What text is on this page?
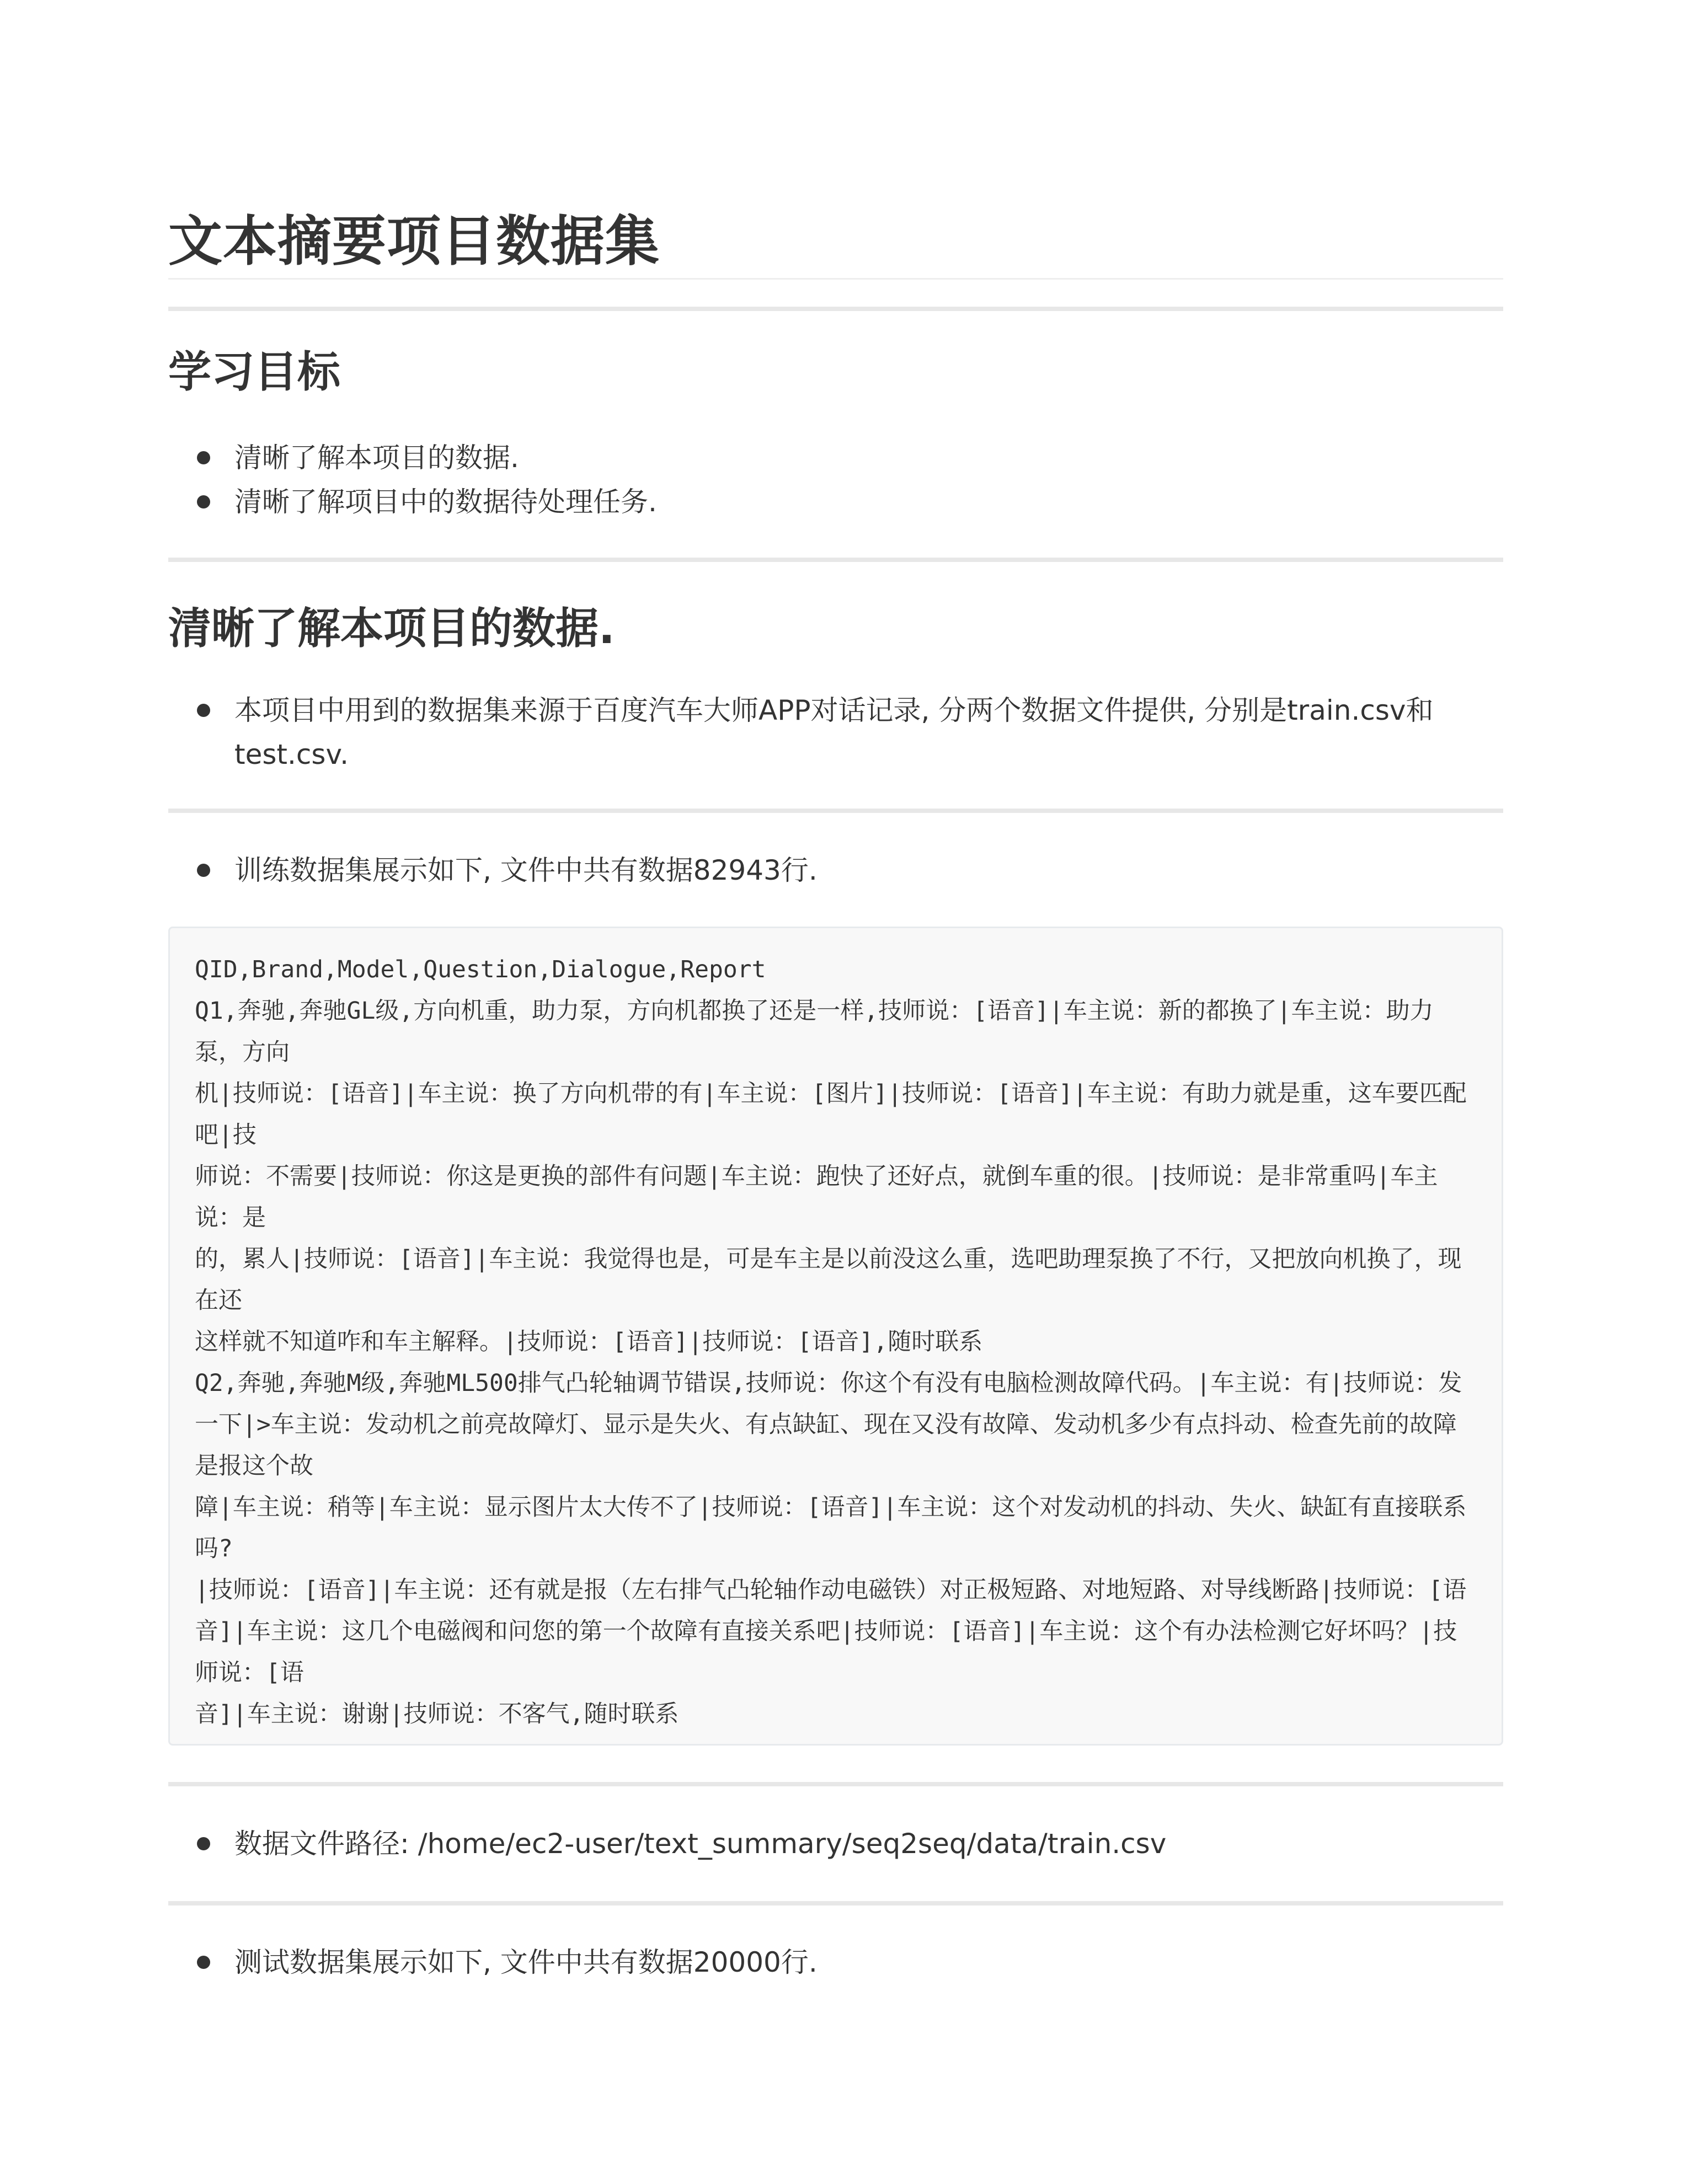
文本摘要项目数据集
学习目标
清晰了解本项目的数据.
清晰了解项目中的数据待处理任务.
清晰了解本项目的数据.
本项目中用到的数据集来源于百度汽车大师APP对话记录, 分两个数据文件提供, 分别是train.csv和test.csv.
训练数据集展示如下, 文件中共有数据82943行.
QID,Brand,Model,Question,Dialogue,Report
Q1,奔驰,奔驰GL级,方向机重，助力泵，方向机都换了还是一样,技师说：[语音]|车主说：新的都换了|车主说：助力泵，方向
机|技师说：[语音]|车主说：换了方向机带的有|车主说：[图片]|技师说：[语音]|车主说：有助力就是重，这车要匹配吧|技
师说：不需要|技师说：你这是更换的部件有问题|车主说：跑快了还好点，就倒车重的很。|技师说：是非常重吗|车主说：是
的，累人|技师说：[语音]|车主说：我觉得也是，可是车主是以前没这么重，选吧助理泵换了不行，又把放向机换了，现在还
这样就不知道咋和车主解释。|技师说：[语音]|技师说：[语音],随时联系
Q2,奔驰,奔驰M级,奔驰ML500排气凸轮轴调节错误,技师说：你这个有没有电脑检测故障代码。|车主说：有|技师说：发一下|>车主说：发动机之前亮故障灯、显示是失火、有点缺缸、现在又没有故障、发动机多少有点抖动、检查先前的故障是报这个故
障|车主说：稍等|车主说：显示图片太大传不了|技师说：[语音]|车主说：这个对发动机的抖动、失火、缺缸有直接联系吗?
|技师说：[语音]|车主说：还有就是报（左右排气凸轮轴作动电磁铁）对正极短路、对地短路、对导线断路|技师说：[语音]|车主说：这几个电磁阀和问您的第一个故障有直接关系吧|技师说：[语音]|车主说：这个有办法检测它好坏吗？|技师说：[语
音]|车主说：谢谢|技师说：不客气,随时联系
数据文件路径: /home/ec2-user/text_summary/seq2seq/data/train.csv
测试数据集展示如下, 文件中共有数据20000行.
